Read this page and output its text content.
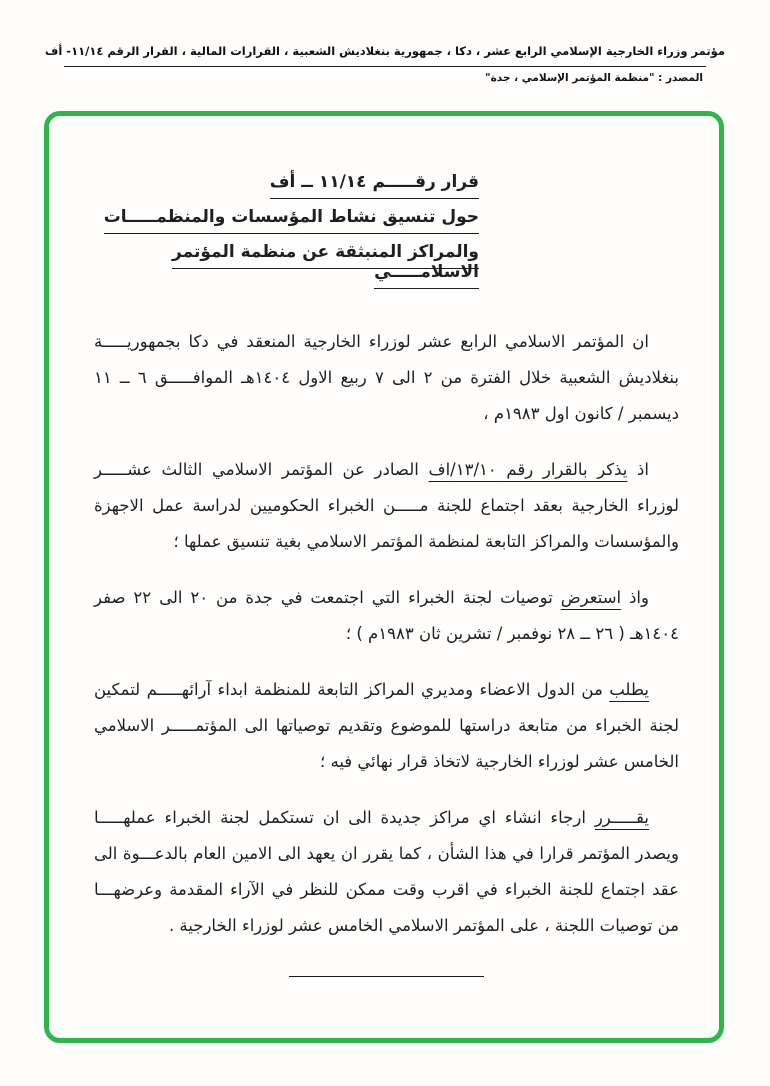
مؤتمر وزراء الخارجية الإسلامي الرابع عشر ، دكا ، جمهورية بنغلاديش الشعبية ، القرارات المالية ، القرار الرقم ١١/١٤- أف
المصدر : "منظمة المؤتمر الإسلامي ، جدة"
قرار رقـــــم ١١/١٤ ــ أف
حول تنسيق نشاط المؤسسات والمنظمـــــات
والمراكز المنبثقة عن منظمة المؤتمر الاسلامـــــي

ان المؤتمر الاسلامي الرابع عشر لوزراء الخارجية المنعقد في دكا بجمهوريـــــة بنغلاديش الشعبية خلال الفترة من ٢ الى ٧ ربيع الاول ١٤٠٤هـ الموافـــــق ٦ ــ ١١ ديسمبر / كانون اول ١٩٨٣م ،

اذ يذكر بالقرار رقم ١٣/١٠/اف الصادر عن المؤتمر الاسلامي الثالث عشـــــر لوزراء الخارجية بعقد اجتماع للجنة مـــــن الخبراء الحكوميين لدراسة عمل الاجهزة والمؤسسات والمراكز التابعة لمنظمة المؤتمر الاسلامي بغية تنسيق عملها ؛

واذ استعرض توصيات لجنة الخبراء التي اجتمعت في جدة من ٢٠ الى ٢٢ صفر ١٤٠٤هـ ( ٢٦ ــ ٢٨ نوفمبر / تشرين ثان ١٩٨٣م ) ؛

يطلب من الدول الاعضاء ومديري المراكز التابعة للمنظمة ابداء آرائهـــــم لتمكين لجنة الخبراء من متابعة دراستها للموضوع وتقديم توصياتها الى المؤتمـــــر الاسلامي الخامس عشر لوزراء الخارجية لاتخاذ قرار نهائي فيه ؛

يقـــــرر ارجاء انشاء اي مراكز جديدة الى ان تستكمل لجنة الخبراء عملهـــــا ويصدر المؤتمر قرارا في هذا الشأن ، كما يقرر ان يعهد الى الامين العام بالدعـــوة الى عقد اجتماع للجنة الخبراء في اقرب وقت ممكن للنظر في الآراء المقدمة وعرضهـــا من توصيات اللجنة ، على المؤتمر الاسلامي الخامس عشر لوزراء الخارجية .
